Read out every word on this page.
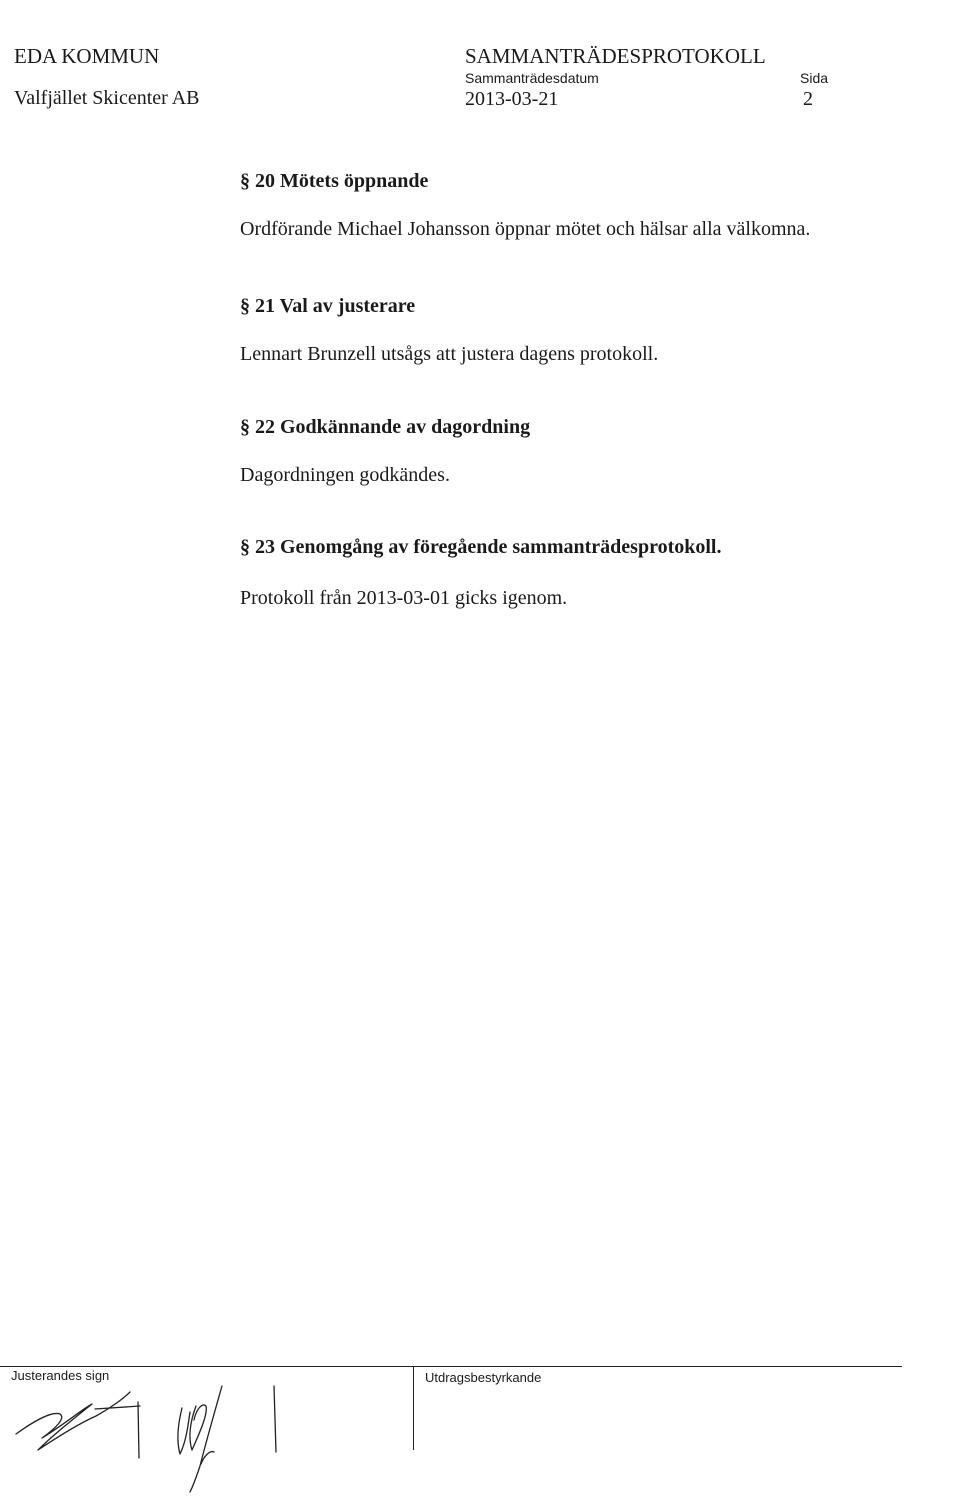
EDA KOMMUN
Valfjället Skicenter AB
SAMMANTRÄDESPROTOKOLL
Sammanträdesdatum
2013-03-21
Sida
2
§ 20 Mötets öppnande
Ordförande Michael Johansson öppnar mötet och hälsar alla välkomna.
§ 21 Val av justerare
Lennart Brunzell utsågs att justera dagens protokoll.
§ 22 Godkännande av dagordning
Dagordningen godkändes.
§ 23 Genomgång av föregående sammanträdesprotokoll.
Protokoll från 2013-03-01 gicks igenom.
Justerandes sign	Utdragsbestyrkande
